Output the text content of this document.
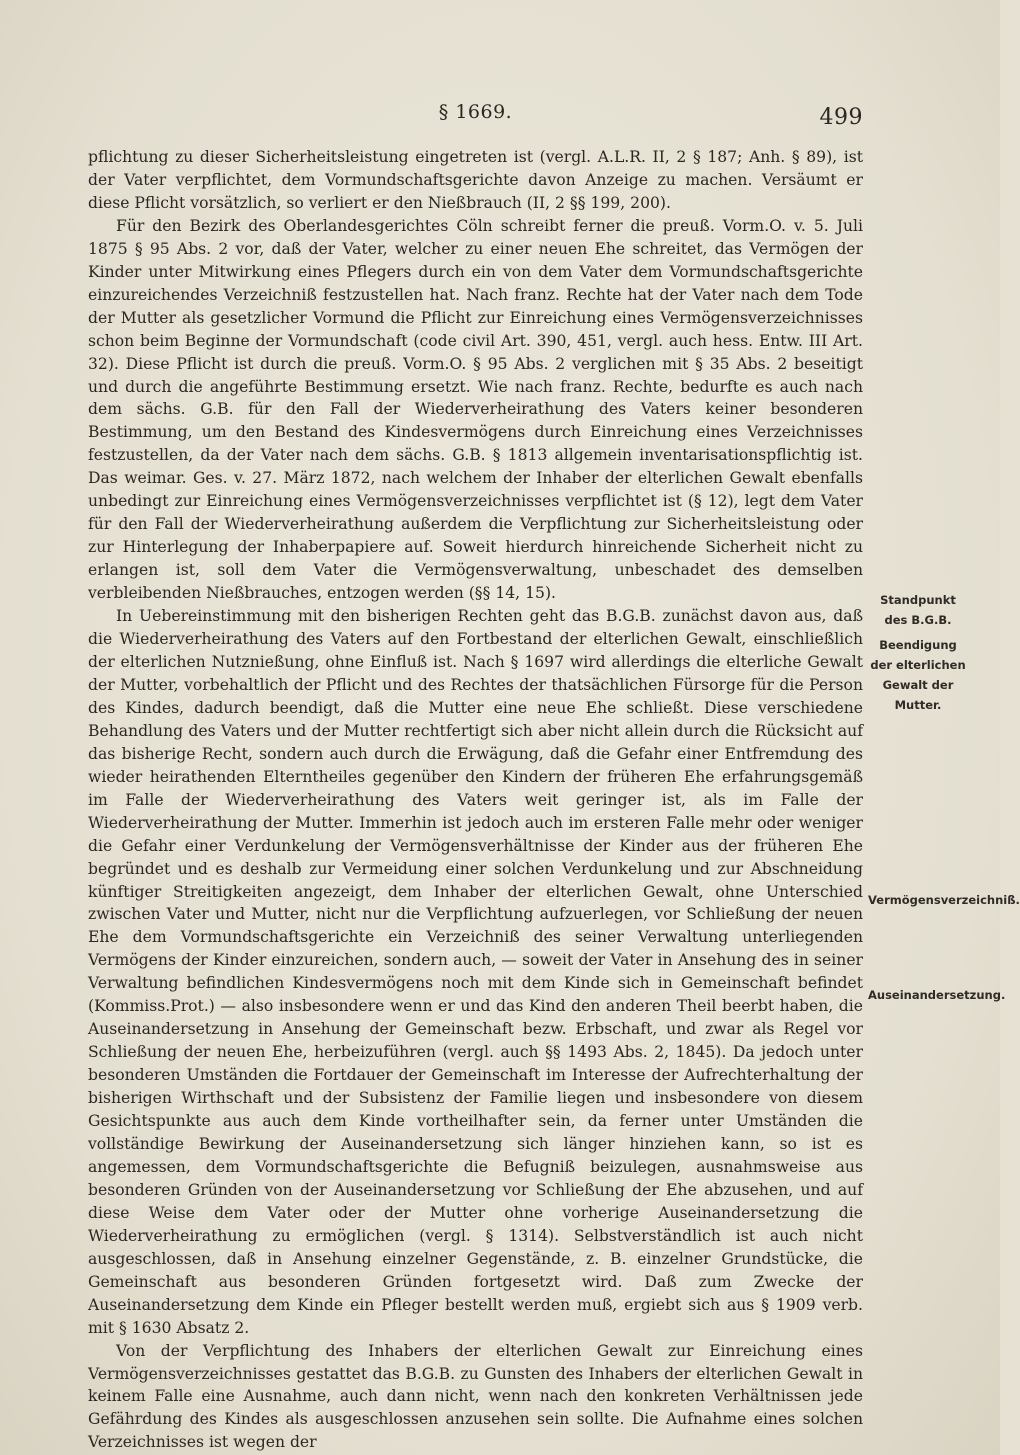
§ 1669.	499

pflichtung zu dieser Sicherheitsleistung eingetreten ist (vergl. A.L.R. II, 2 § 187; Anh. § 89), ist der Vater verpflichtet, dem Vormundschaftsgerichte davon Anzeige zu machen. Versäumt er diese Pflicht vorsätzlich, so verliert er den Nießbrauch (II, 2 §§ 199, 200).

Für den Bezirk des Oberlandesgerichtes Cöln schreibt ferner die preuß. Vorm.O. v. 5. Juli 1875 § 95 Abs. 2 vor, daß der Vater, welcher zu einer neuen Ehe schreitet, das Vermögen der Kinder unter Mitwirkung eines Pflegers durch ein von dem Vater dem Vormundschaftsgerichte einzureichendes Verzeichniß festzustellen hat. Nach franz. Rechte hat der Vater nach dem Tode der Mutter als gesetzlicher Vormund die Pflicht zur Einreichung eines Vermögensverzeichnisses schon beim Beginne der Vormundschaft (code civil Art. 390, 451, vergl. auch hess. Entw. III Art. 32). Diese Pflicht ist durch die preuß. Vorm.O. § 95 Abs. 2 verglichen mit § 35 Abs. 2 beseitigt und durch die angeführte Bestimmung ersetzt. Wie nach franz. Rechte, bedurfte es auch nach dem sächs. G.B. für den Fall der Wiederverheirathung des Vaters keiner besonderen Bestimmung, um den Bestand des Kindesvermögens durch Einreichung eines Verzeichnisses festzustellen, da der Vater nach dem sächs. G.B. § 1813 allgemein inventarisationspflichtig ist. Das weimar. Ges. v. 27. März 1872, nach welchem der Inhaber der elterlichen Gewalt ebenfalls unbedingt zur Einreichung eines Vermögensverzeichnisses verpflichtet ist (§ 12), legt dem Vater für den Fall der Wiederverheirathung außerdem die Verpflichtung zur Sicherheitsleistung oder zur Hinterlegung der Inhaberpapiere auf. Soweit hierdurch hinreichende Sicherheit nicht zu erlangen ist, soll dem Vater die Vermögensverwaltung, unbeschadet des demselben verbleibenden Nießbrauches, entzogen werden (§§ 14, 15).

In Uebereinstimmung mit den bisherigen Rechten geht das B.G.B. zunächst davon aus, daß die Wiederverheirathung des Vaters auf den Fortbestand der elterlichen Gewalt, einschließlich der elterlichen Nutznießung, ohne Einfluß ist. Nach § 1697 wird allerdings die elterliche Gewalt der Mutter, vorbehaltlich der Pflicht und des Rechtes der thatsächlichen Fürsorge für die Person des Kindes, dadurch beendigt, daß die Mutter eine neue Ehe schließt. Diese verschiedene Behandlung des Vaters und der Mutter rechtfertigt sich aber nicht allein durch die Rücksicht auf das bisherige Recht, sondern auch durch die Erwägung, daß die Gefahr einer Entfremdung des wieder heirathenden Elterntheiles gegenüber den Kindern der früheren Ehe erfahrungsgemäß im Falle der Wiederverheirathung des Vaters weit geringer ist, als im Falle der Wiederverheirathung der Mutter. Immerhin ist jedoch auch im ersteren Falle mehr oder weniger die Gefahr einer Verdunkelung der Vermögensverhältnisse der Kinder aus der früheren Ehe begründet und es deshalb zur Vermeidung einer solchen Verdunkelung und zur Abschneidung künftiger Streitigkeiten angezeigt, dem Inhaber der elterlichen Gewalt, ohne Unterschied zwischen Vater und Mutter, nicht nur die Verpflichtung aufzuerlegen, vor Schließung der neuen Ehe dem Vormundschaftsgerichte ein Verzeichniß des seiner Verwaltung unterliegenden Vermögens der Kinder einzureichen, sondern auch, — soweit der Vater in Ansehung des in seiner Verwaltung befindlichen Kindesvermögens noch mit dem Kinde sich in Gemeinschaft befindet (Kommiss.Prot.) — also insbesondere wenn er und das Kind den anderen Theil beerbt haben, die Auseinandersetzung in Ansehung der Gemeinschaft bezw. Erbschaft, und zwar als Regel vor Schließung der neuen Ehe, herbeizuführen (vergl. auch §§ 1493 Abs. 2, 1845). Da jedoch unter besonderen Umständen die Fortdauer der Gemeinschaft im Interesse der Aufrechterhaltung der bisherigen Wirthschaft und der Subsistenz der Familie liegen und insbesondere von diesem Gesichtspunkte aus auch dem Kinde vortheilhafter sein, da ferner unter Umständen die vollständige Bewirkung der Auseinandersetzung sich länger hinziehen kann, so ist es angemessen, dem Vormundschaftsgerichte die Befugniß beizulegen, ausnahmsweise aus besonderen Gründen von der Auseinandersetzung vor Schließung der Ehe abzusehen, und auf diese Weise dem Vater oder der Mutter ohne vorherige Auseinandersetzung die Wiederverheirathung zu ermöglichen (vergl. § 1314). Selbstverständlich ist auch nicht ausgeschlossen, daß in Ansehung einzelner Gegenstände, z. B. einzelner Grundstücke, die Gemeinschaft aus besonderen Gründen fortgesetzt wird. Daß zum Zwecke der Auseinandersetzung dem Kinde ein Pfleger bestellt werden muß, ergiebt sich aus § 1909 verb. mit § 1630 Absatz 2.

Von der Verpflichtung des Inhabers der elterlichen Gewalt zur Einreichung eines Vermögensverzeichnisses gestattet das B.G.B. zu Gunsten des Inhabers der elterlichen Gewalt in keinem Falle eine Ausnahme, auch dann nicht, wenn nach den konkreten Verhältnissen jede Gefährdung des Kindes als ausgeschlossen anzusehen sein sollte. Die Aufnahme eines solchen Verzeichnisses ist wegen der

Standpunkt des B.G.B.
Beendigung der elterlichen Gewalt der Mutter.
Vermögensverzeichniß.
Auseinandersetzung.
